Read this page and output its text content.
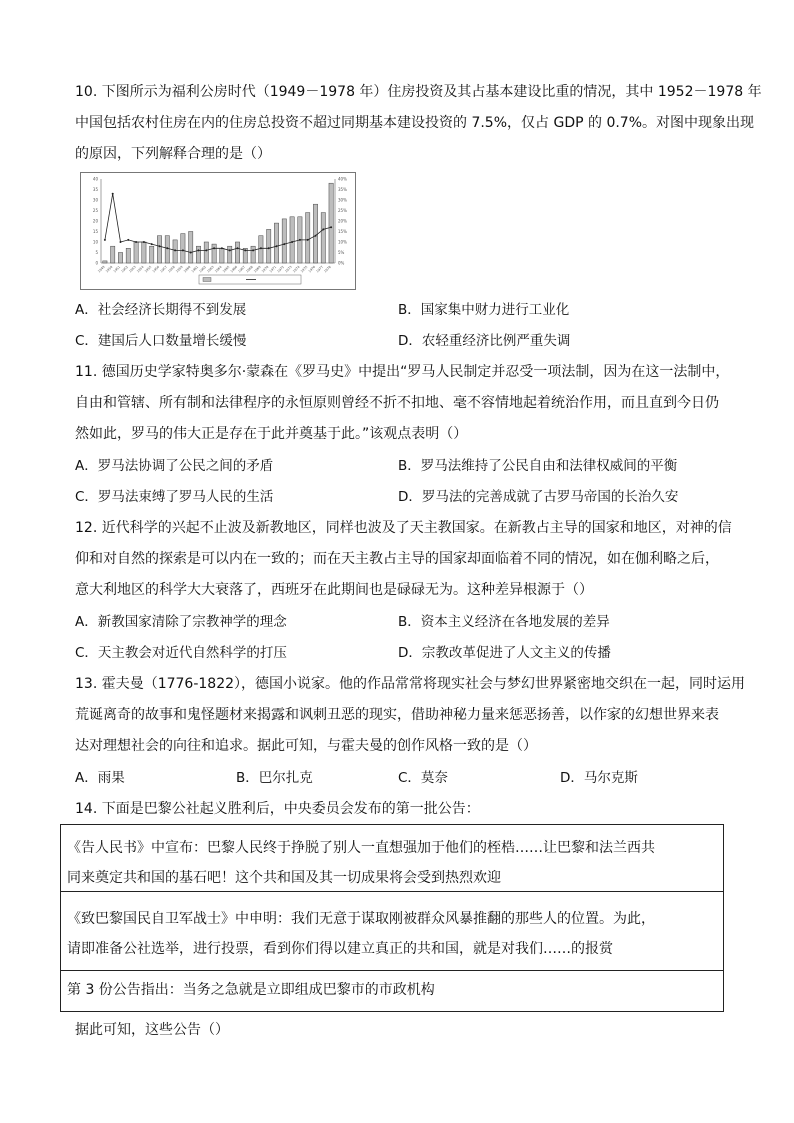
10. 下图所示为福利公房时代（1949－1978 年）住房投资及其占基本建设比重的情况，其中 1952－1978 年
中国包括农村住房在内的住房总投资不超过同期基本建设投资的 7.5%，仅占 GDP 的 0.7%。对图中现象出现
的原因，下列解释合理的是（）
0
5
10
15
20
25
30
35
40
0%
5%
10%
15%
20%
25%
30%
35%
40%
1949 1950 1951 1952 1953 1954 1955 1956 1957 1958 1959 1960 1961 1962 1963 1964 1965 1966 1967 1968 1969 1970 1971 1972 1973 1974 1975 1976 1977 1978
A．社会经济长期得不到发展	B．国家集中财力进行工业化
C．建国后人口数量增长缓慢	D．农轻重经济比例严重失调
11. 德国历史学家特奥多尔·蒙森在《罗马史》中提出“罗马人民制定并忍受一项法制，因为在这一法制中，
自由和管辖、所有制和法律程序的永恒原则曾经不折不扣地、毫不容情地起着统治作用，而且直到今日仍
然如此，罗马的伟大正是存在于此并奠基于此。”该观点表明（）
A．罗马法协调了公民之间的矛盾	B．罗马法维持了公民自由和法律权威间的平衡
C．罗马法束缚了罗马人民的生活	D．罗马法的完善成就了古罗马帝国的长治久安
12. 近代科学的兴起不止波及新教地区，同样也波及了天主教国家。在新教占主导的国家和地区，对神的信
仰和对自然的探索是可以内在一致的；而在天主教占主导的国家却面临着不同的情况，如在伽利略之后，
意大利地区的科学大大衰落了，西班牙在此期间也是碌碌无为。这种差异根源于（）
A．新教国家清除了宗教神学的理念	B．资本主义经济在各地发展的差异
C．天主教会对近代自然科学的打压	D．宗教改革促进了人文主义的传播
13. 霍夫曼（1776-1822），德国小说家。他的作品常常将现实社会与梦幻世界紧密地交织在一起，同时运用
荒诞离奇的故事和鬼怪题材来揭露和讽刺丑恶的现实，借助神秘力量来惩恶扬善，以作家的幻想世界来表
达对理想社会的向往和追求。据此可知，与霍夫曼的创作风格一致的是（）
A．雨果	B．巴尔扎克	C．莫奈	D．马尔克斯
14. 下面是巴黎公社起义胜利后，中央委员会发布的第一批公告：
《告人民书》中宣布：巴黎人民终于挣脱了别人一直想强加于他们的桎梏……让巴黎和法兰西共
同来奠定共和国的基石吧！这个共和国及其一切成果将会受到热烈欢迎
《致巴黎国民自卫军战士》中申明：我们无意于谋取刚被群众风暴推翻的那些人的位置。为此，
请即准备公社选举，进行投票，看到你们得以建立真正的共和国，就是对我们……的报赏
第 3 份公告指出：当务之急就是立即组成巴黎市的市政机构
据此可知，这些公告（）
